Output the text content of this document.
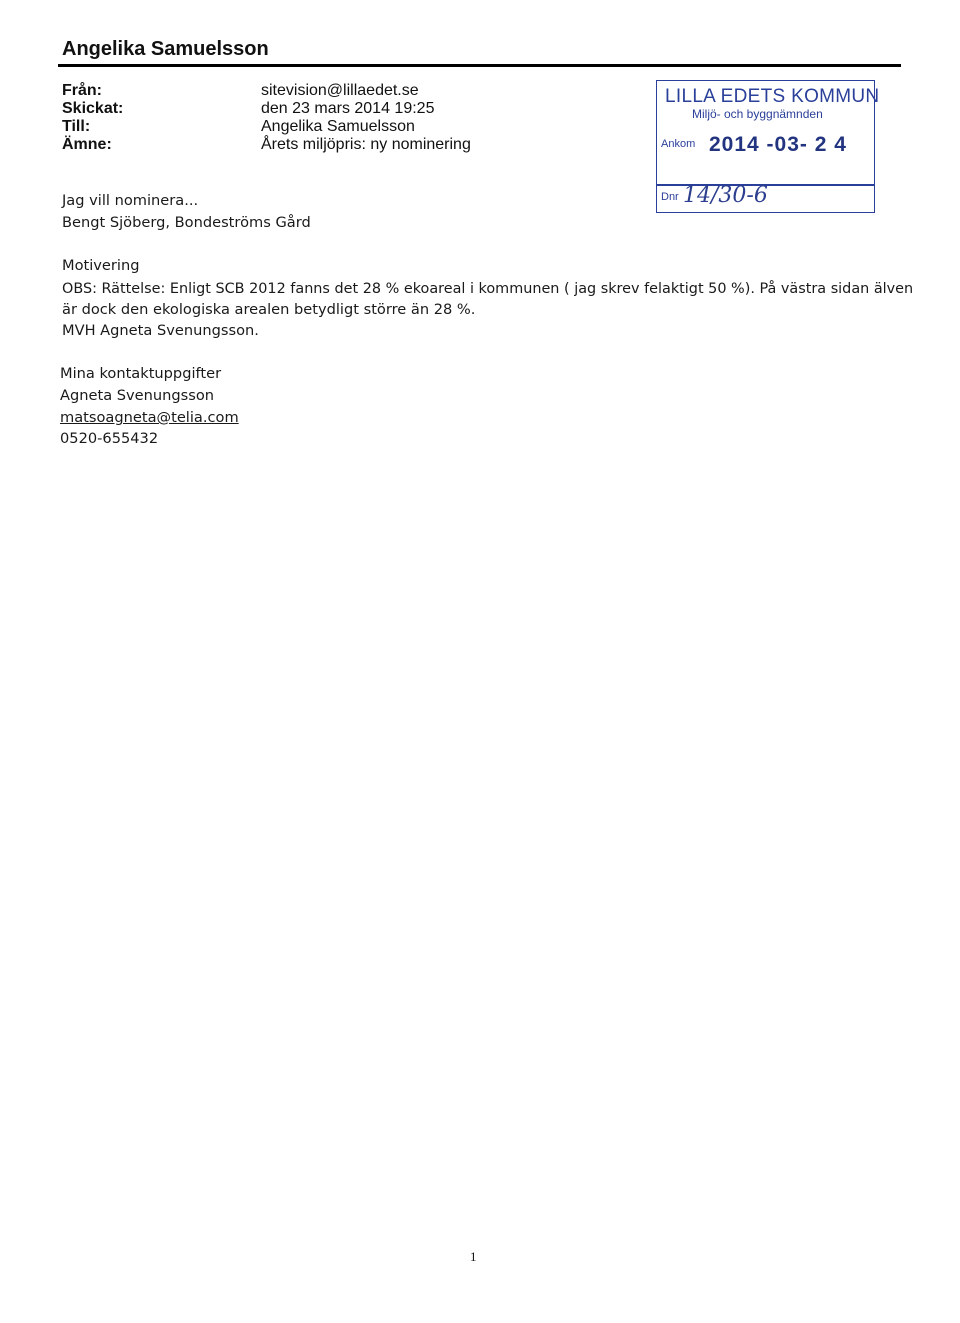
Angelika Samuelsson
Från:	sitevision@lillaedet.se
Skickat:	den 23 mars 2014 19:25
Till:	Angelika Samuelsson
Ämne:	Årets miljöpris: ny nominering
LILLA EDETS KOMMUN
Miljö- och byggnämnden
Ankom 2014 -03- 2 4
Dnr 14/30-6
Jag vill nominera...
Bengt Sjöberg, Bondeströms Gård
Motivering
OBS: Rättelse: Enligt SCB 2012 fanns det 28 % ekoareal i kommunen ( jag skrev felaktigt 50 %). På västra sidan älven
är dock den ekologiska arealen betydligt större än 28 %.
MVH Agneta Svenungsson.
Mina kontaktuppgifter
Agneta Svenungsson
matsoagneta@telia.com
0520-655432
1
